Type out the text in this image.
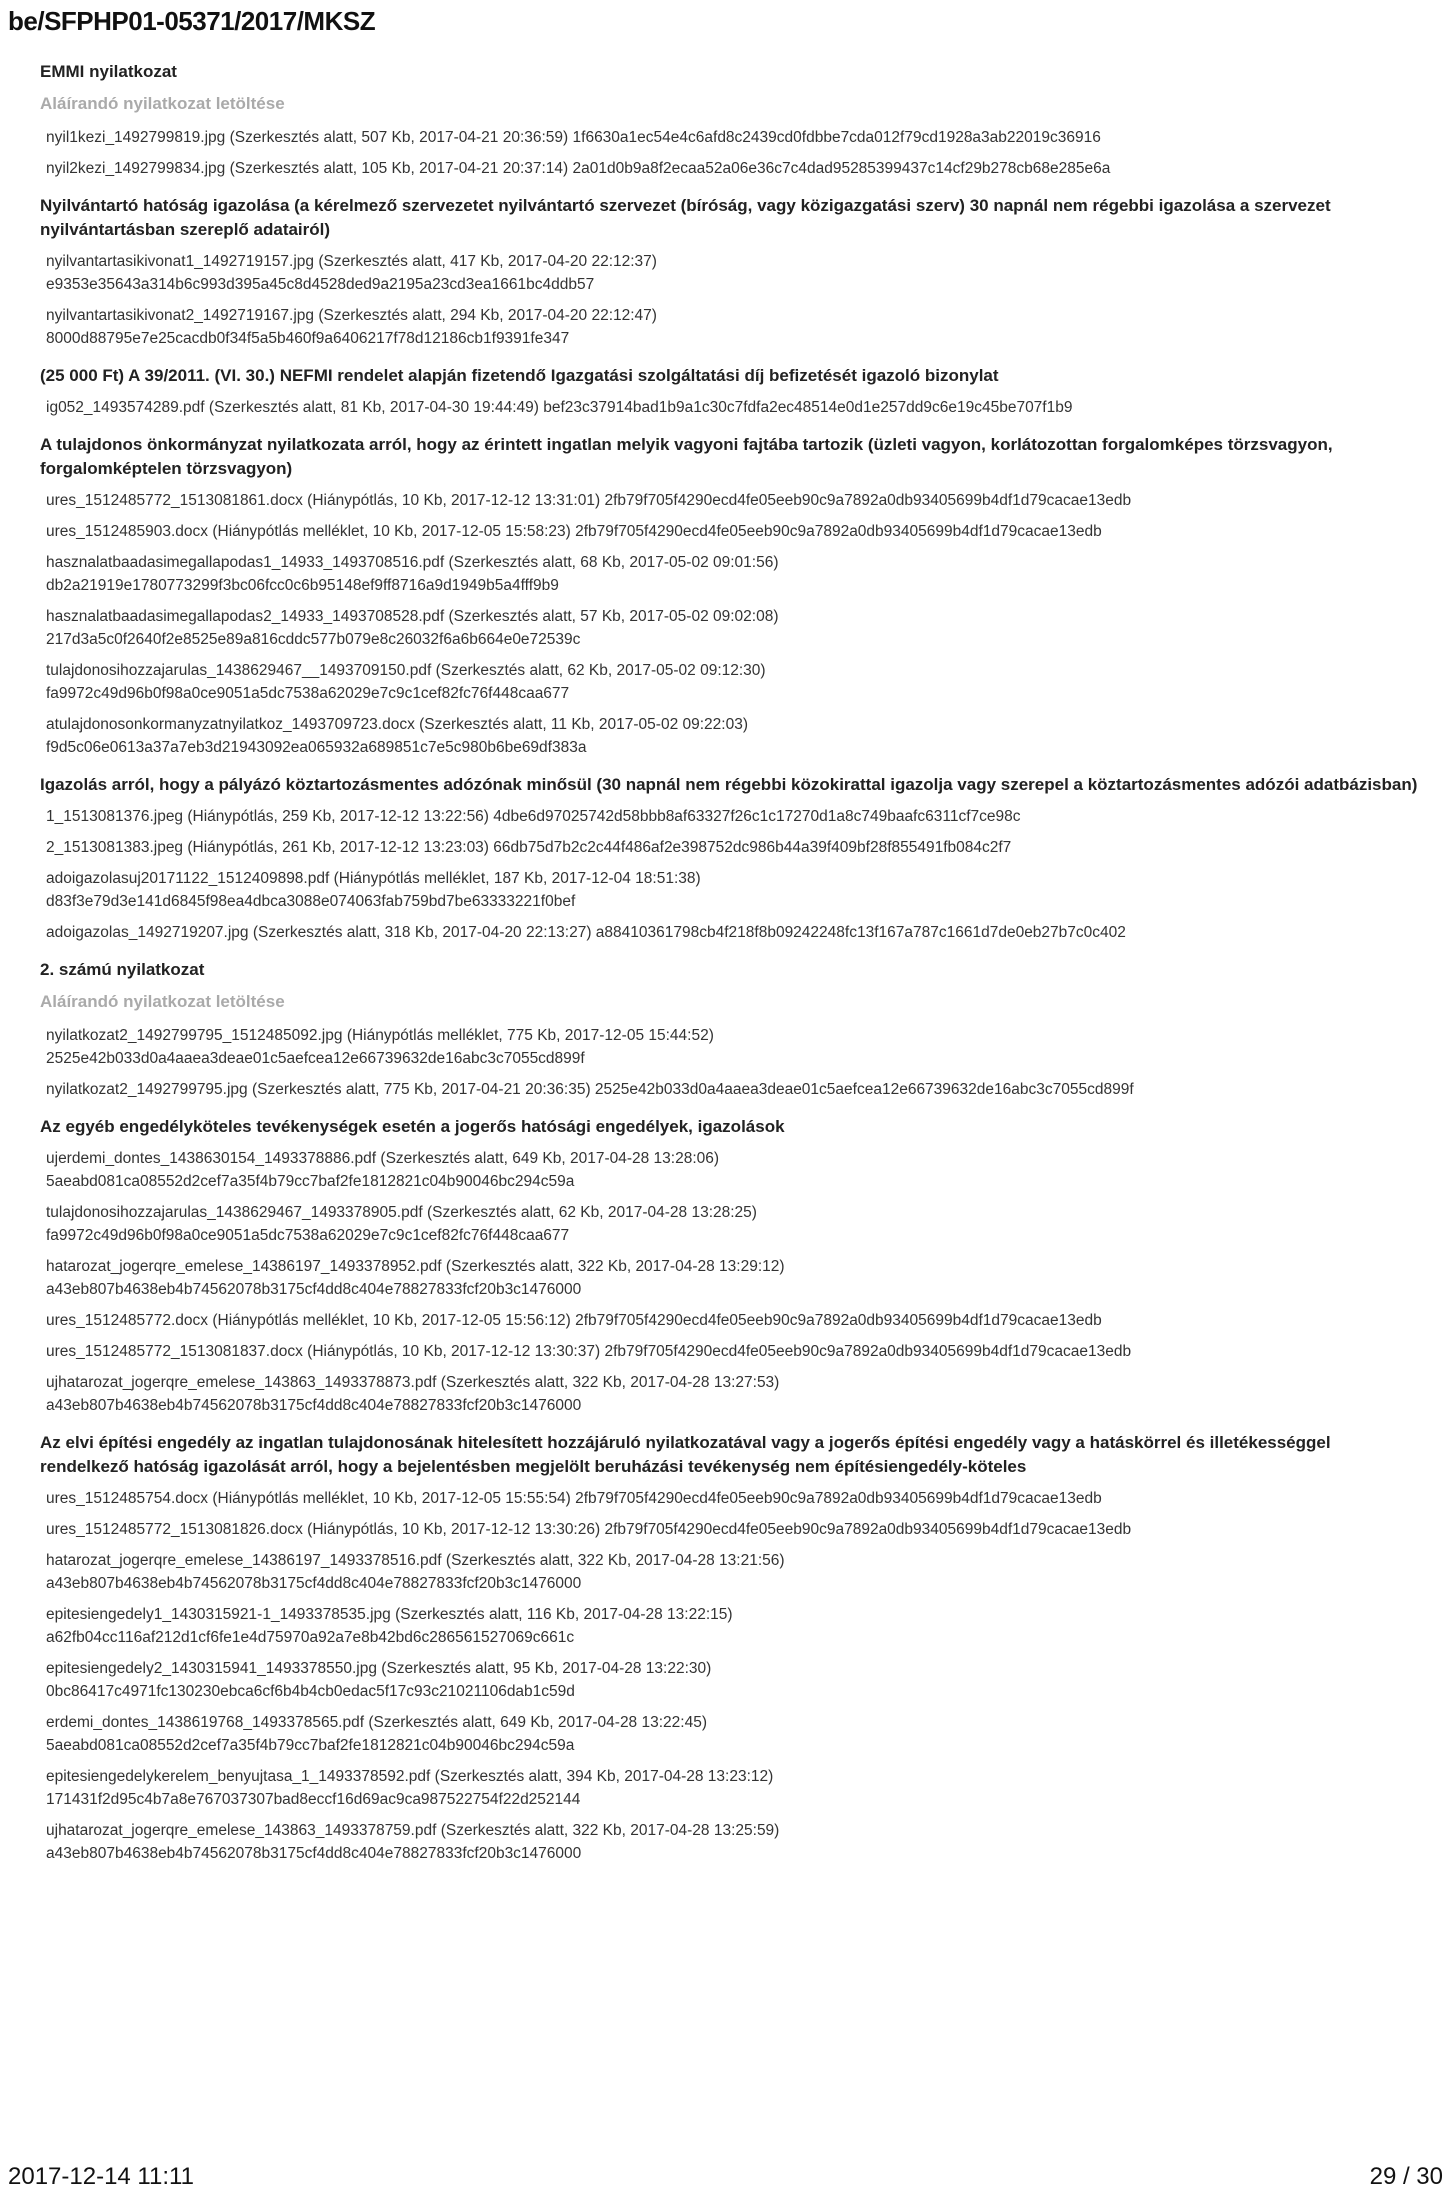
be/SFPHP01-05371/2017/MKSZ
EMMI nyilatkozat
Aláírandó nyilatkozat letöltése
nyil1kezi_1492799819.jpg (Szerkesztés alatt, 507 Kb, 2017-04-21 20:36:59) 1f6630a1ec54e4c6afd8c2439cd0fdbbe7cda012f79cd1928a3ab22019c36916
nyil2kezi_1492799834.jpg (Szerkesztés alatt, 105 Kb, 2017-04-21 20:37:14) 2a01d0b9a8f2ecaa52a06e36c7c4dad95285399437c14cf29b278cb68e285e6a
Nyilvántartó hatóság igazolása (a kérelmező szervezetet nyilvántartó szervezet (bíróság, vagy közigazgatási szerv) 30 napnál nem régebbi igazolása a szervezet nyilvántartásban szereplő adatairól)
nyilvantartasikivonat1_1492719157.jpg (Szerkesztés alatt, 417 Kb, 2017-04-20 22:12:37)
e9353e35643a314b6c993d395a45c8d4528ded9a2195a23cd3ea1661bc4ddb57
nyilvantartasikivonat2_1492719167.jpg (Szerkesztés alatt, 294 Kb, 2017-04-20 22:12:47)
8000d88795e7e25cacdb0f34f5a5b460f9a6406217f78d12186cb1f9391fe347
(25 000 Ft) A 39/2011. (VI. 30.) NEFMI rendelet alapján fizetendő Igazgatási szolgáltatási díj befizetését igazoló bizonylat
ig052_1493574289.pdf (Szerkesztés alatt, 81 Kb, 2017-04-30 19:44:49) bef23c37914bad1b9a1c30c7fdfa2ec48514e0d1e257dd9c6e19c45be707f1b9
A tulajdonos önkormányzat nyilatkozata arról, hogy az érintett ingatlan melyik vagyoni fajtába tartozik (üzleti vagyon, korlátozottan forgalomképes törzsvagyon, forgalomképtelen törzsvagyon)
ures_1512485772_1513081861.docx (Hiánypótlás, 10 Kb, 2017-12-12 13:31:01) 2fb79f705f4290ecd4fe05eeb90c9a7892a0db93405699b4df1d79cacae13edb
ures_1512485903.docx (Hiánypótlás melléklet, 10 Kb, 2017-12-05 15:58:23) 2fb79f705f4290ecd4fe05eeb90c9a7892a0db93405699b4df1d79cacae13edb
hasznalatbaadasimegallapodas1_14933_1493708516.pdf (Szerkesztés alatt, 68 Kb, 2017-05-02 09:01:56)
db2a21919e1780773299f3bc06fcc0c6b95148ef9ff8716a9d1949b5a4fff9b9
hasznalatbaadasimegallapodas2_14933_1493708528.pdf (Szerkesztés alatt, 57 Kb, 2017-05-02 09:02:08)
217d3a5c0f2640f2e8525e89a816cddc577b079e8c26032f6a6b664e0e72539c
tulajdonosihozzajarulas_1438629467__1493709150.pdf (Szerkesztés alatt, 62 Kb, 2017-05-02 09:12:30)
fa9972c49d96b0f98a0ce9051a5dc7538a62029e7c9c1cef82fc76f448caa677
atulajdonosonkormanyzatnyilatkoz_1493709723.docx (Szerkesztés alatt, 11 Kb, 2017-05-02 09:22:03)
f9d5c06e0613a37a7eb3d21943092ea065932a689851c7e5c980b6be69df383a
Igazolás arról, hogy a pályázó köztartozásmentes adózónak minősül (30 napnál nem régebbi közokirattal igazolja vagy szerepel a köztartozásmentes adózói adatbázisban)
1_1513081376.jpeg (Hiánypótlás, 259 Kb, 2017-12-12 13:22:56) 4dbe6d97025742d58bbb8af63327f26c1c17270d1a8c749baafc6311cf7ce98c
2_1513081383.jpeg (Hiánypótlás, 261 Kb, 2017-12-12 13:23:03) 66db75d7b2c2c44f486af2e398752dc986b44a39f409bf28f855491fb084c2f7
adoigazolasuj20171122_1512409898.pdf (Hiánypótlás melléklet, 187 Kb, 2017-12-04 18:51:38)
d83f3e79d3e141d6845f98ea4dbca3088e074063fab759bd7be63333221f0bef
adoigazolas_1492719207.jpg (Szerkesztés alatt, 318 Kb, 2017-04-20 22:13:27) a88410361798cb4f218f8b09242248fc13f167a787c1661d7de0eb27b7c0c402
2. számú nyilatkozat
Aláírandó nyilatkozat letöltése
nyilatkozat2_1492799795_1512485092.jpg (Hiánypótlás melléklet, 775 Kb, 2017-12-05 15:44:52)
2525e42b033d0a4aaea3deae01c5aefcea12e66739632de16abc3c7055cd899f
nyilatkozat2_1492799795.jpg (Szerkesztés alatt, 775 Kb, 2017-04-21 20:36:35) 2525e42b033d0a4aaea3deae01c5aefcea12e66739632de16abc3c7055cd899f
Az egyéb engedélyköteles tevékenységek esetén a jogerős hatósági engedélyek, igazolások
ujerdemi_dontes_1438630154_1493378886.pdf (Szerkesztés alatt, 649 Kb, 2017-04-28 13:28:06)
5aeabd081ca08552d2cef7a35f4b79cc7baf2fe1812821c04b90046bc294c59a
tulajdonosihozzajarulas_1438629467_1493378905.pdf (Szerkesztés alatt, 62 Kb, 2017-04-28 13:28:25)
fa9972c49d96b0f98a0ce9051a5dc7538a62029e7c9c1cef82fc76f448caa677
hatarozat_jogerqre_emelese_14386197_1493378952.pdf (Szerkesztés alatt, 322 Kb, 2017-04-28 13:29:12)
a43eb807b4638eb4b74562078b3175cf4dd8c404e78827833fcf20b3c1476000
ures_1512485772.docx (Hiánypótlás melléklet, 10 Kb, 2017-12-05 15:56:12) 2fb79f705f4290ecd4fe05eeb90c9a7892a0db93405699b4df1d79cacae13edb
ures_1512485772_1513081837.docx (Hiánypótlás, 10 Kb, 2017-12-12 13:30:37) 2fb79f705f4290ecd4fe05eeb90c9a7892a0db93405699b4df1d79cacae13edb
ujhatarozat_jogerqre_emelese_143863_1493378873.pdf (Szerkesztés alatt, 322 Kb, 2017-04-28 13:27:53)
a43eb807b4638eb4b74562078b3175cf4dd8c404e78827833fcf20b3c1476000
Az elvi építési engedély az ingatlan tulajdonosának hitelesített hozzájáruló nyilatkozatával vagy a jogerős építési engedély vagy a hatáskörrel és illetékességgel rendelkező hatóság igazolását arról, hogy a bejelentésben megjelölt beruházási tevékenység nem építésiengedély-köteles
ures_1512485754.docx (Hiánypótlás melléklet, 10 Kb, 2017-12-05 15:55:54) 2fb79f705f4290ecd4fe05eeb90c9a7892a0db93405699b4df1d79cacae13edb
ures_1512485772_1513081826.docx (Hiánypótlás, 10 Kb, 2017-12-12 13:30:26) 2fb79f705f4290ecd4fe05eeb90c9a7892a0db93405699b4df1d79cacae13edb
hatarozat_jogerqre_emelese_14386197_1493378516.pdf (Szerkesztés alatt, 322 Kb, 2017-04-28 13:21:56)
a43eb807b4638eb4b74562078b3175cf4dd8c404e78827833fcf20b3c1476000
epitesiengedely1_1430315921-1_1493378535.jpg (Szerkesztés alatt, 116 Kb, 2017-04-28 13:22:15)
a62fb04cc116af212d1cf6fe1e4d75970a92a7e8b42bd6c286561527069c661c
epitesiengedely2_1430315941_1493378550.jpg (Szerkesztés alatt, 95 Kb, 2017-04-28 13:22:30)
0bc86417c4971fc130230ebca6cf6b4b4cb0edac5f17c93c21021106dab1c59d
erdemi_dontes_1438619768_1493378565.pdf (Szerkesztés alatt, 649 Kb, 2017-04-28 13:22:45)
5aeabd081ca08552d2cef7a35f4b79cc7baf2fe1812821c04b90046bc294c59a
epitesiengedelykerelem_benyujtasa_1_1493378592.pdf (Szerkesztés alatt, 394 Kb, 2017-04-28 13:23:12)
171431f2d95c4b7a8e767037307bad8eccf16d69ac9ca987522754f22d252144
ujhatarozat_jogerqre_emelese_143863_1493378759.pdf (Szerkesztés alatt, 322 Kb, 2017-04-28 13:25:59)
a43eb807b4638eb4b74562078b3175cf4dd8c404e78827833fcf20b3c1476000
2017-12-14 11:11	29 / 30
